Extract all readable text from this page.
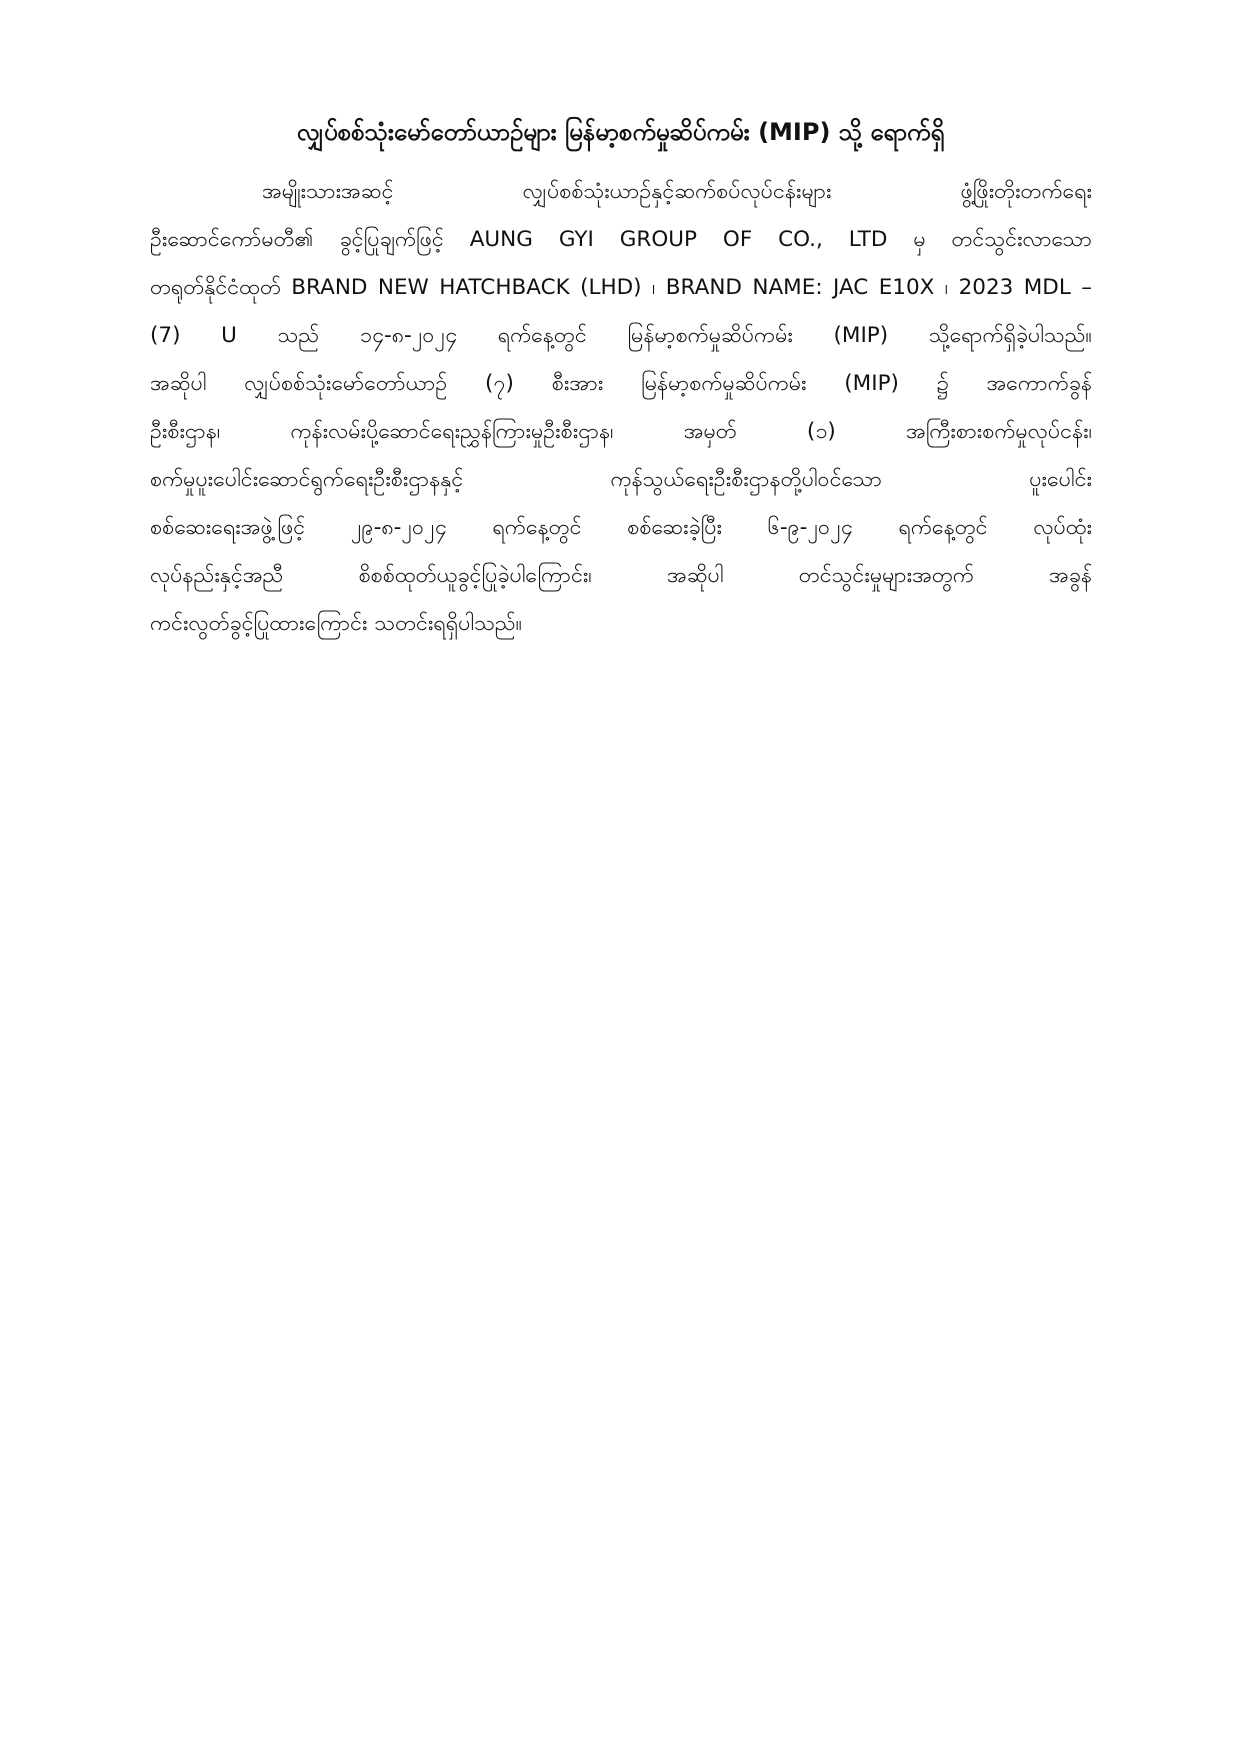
လျှပ်စစ်သုံးမော်တော်ယာဉ်များ မြန်မာ့စက်မှုဆိပ်ကမ်း (MIP) သို့ ရောက်ရှိ
အမျိုးသားအဆင့် လျှပ်စစ်သုံးယာဉ်နှင့်ဆက်စပ်လုပ်ငန်းများ ဖွံ့ဖြိုးတိုးတက်ရေး
ဦးဆောင်ကော်မတီ၏ ခွင့်ပြုချက်ဖြင့် AUNG GYI GROUP OF CO., LTD မှ တင်သွင်းလာသော
တရုတ်နိုင်ငံထုတ် BRAND NEW HATCHBACK (LHD) ၊ BRAND NAME: JAC E10X ၊ 2023 MDL –
(7) U သည် ၁၄-၈-၂၀၂၄ ရက်နေ့တွင် မြန်မာ့စက်မှုဆိပ်ကမ်း (MIP) သို့ရောက်ရှိခဲ့ပါသည်။
အဆိုပါ လျှပ်စစ်သုံးမော်တော်ယာဉ် (၇) စီးအား မြန်မာ့စက်မှုဆိပ်ကမ်း (MIP) ၌ အကောက်ခွန်
ဦးစီးဌာန၊ ကုန်းလမ်းပို့ဆောင်ရေးညွှန်ကြားမှုဦးစီးဌာန၊ အမှတ် (၁) အကြီးစားစက်မှုလုပ်ငန်း၊
စက်မှုပူးပေါင်းဆောင်ရွက်ရေးဦးစီးဌာနနှင့် ကုန်သွယ်ရေးဦးစီးဌာနတို့ပါဝင်သော ပူးပေါင်း
စစ်ဆေးရေးအဖွဲ့ဖြင့် ၂၉-၈-၂၀၂၄ ရက်နေ့တွင် စစ်ဆေးခဲ့ပြီး ၆-၉-၂၀၂၄ ရက်နေ့တွင် လုပ်ထုံး
လုပ်နည်းနှင့်အညီ စိစစ်ထုတ်ယူခွင့်ပြုခဲ့ပါကြောင်း၊ အဆိုပါ တင်သွင်းမှုများအတွက် အခွန်
ကင်းလွတ်ခွင့်ပြုထားကြောင်း သတင်းရရှိပါသည်။
